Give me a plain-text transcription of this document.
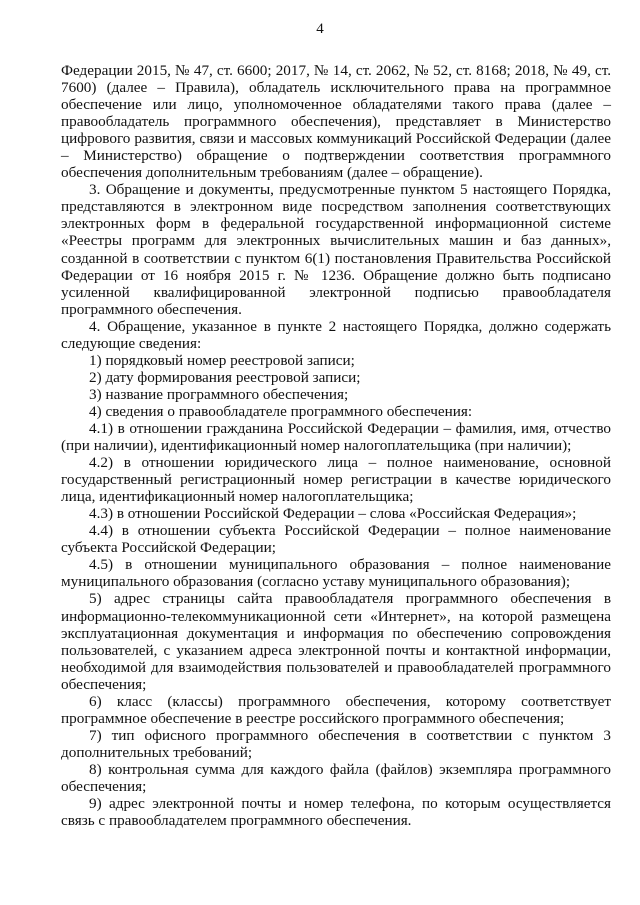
4

Федерации 2015, № 47, ст. 6600; 2017, № 14, ст. 2062, № 52, ст. 8168; 2018, № 49, ст. 7600) (далее – Правила), обладатель исключительного права на программное обеспечение или лицо, уполномоченное обладателями такого права (далее – правообладатель программного обеспечения), представляет в Министерство цифрового развития, связи и массовых коммуникаций Российской Федерации (далее – Министерство) обращение о подтверждении соответствия программного обеспечения дополнительным требованиям (далее – обращение).

3. Обращение и документы, предусмотренные пунктом 5 настоящего Порядка, представляются в электронном виде посредством заполнения соответствующих электронных форм в федеральной государственной информационной системе «Реестры программ для электронных вычислительных машин и баз данных», созданной в соответствии с пунктом 6(1) постановления Правительства Российской Федерации от 16 ноября 2015 г. № 1236. Обращение должно быть подписано усиленной квалифицированной электронной подписью правообладателя программного обеспечения.

4. Обращение, указанное в пункте 2 настоящего Порядка, должно содержать следующие сведения:

1) порядковый номер реестровой записи;

2) дату формирования реестровой записи;

3) название программного обеспечения;

4) сведения о правообладателе программного обеспечения:

4.1) в отношении гражданина Российской Федерации – фамилия, имя, отчество (при наличии), идентификационный номер налогоплательщика (при наличии);

4.2) в отношении юридического лица – полное наименование, основной государственный регистрационный номер регистрации в качестве юридического лица, идентификационный номер налогоплательщика;

4.3) в отношении Российской Федерации – слова «Российская Федерация»;

4.4) в отношении субъекта Российской Федерации – полное наименование субъекта Российской Федерации;

4.5) в отношении муниципального образования – полное наименование муниципального образования (согласно уставу муниципального образования);

5) адрес страницы сайта правообладателя программного обеспечения в информационно-телекоммуникационной сети «Интернет», на которой размещена эксплуатационная документация и информация по обеспечению сопровождения пользователей, с указанием адреса электронной почты и контактной информации, необходимой для взаимодействия пользователей и правообладателей программного обеспечения;

6) класс (классы) программного обеспечения, которому соответствует программное обеспечение в реестре российского программного обеспечения;

7) тип офисного программного обеспечения в соответствии с пунктом 3 дополнительных требований;

8) контрольная сумма для каждого файла (файлов) экземпляра программного обеспечения;

9) адрес электронной почты и номер телефона, по которым осуществляется связь с правообладателем программного обеспечения.
